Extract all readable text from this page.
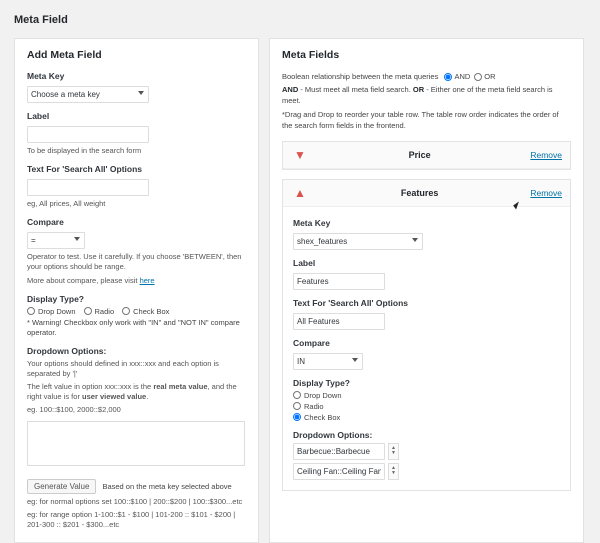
Meta Field
Add Meta Field
Meta Key
Choose a meta key
Label
To be displayed in the search form
Text For 'Search All' Options
eg, All prices, All weight
Compare
=
Operator to test. Use it carefully. If you choose 'BETWEEN', then your options should be range.
More about compare, please visit here
Display Type?
Drop Down	Radio	Check Box
* Warning! Checkbox only work with "IN" and "NOT IN" compare operator.
Dropdown Options:
Your options should defined in xxx::xxx and each option is separated by '|'
The left value in option xxx::xxx is the real meta value, and the right value is for user viewed value.
eg. 100::$100, 2000::$2,000
Generate Value	Based on the meta key selected above
eg: for normal options set 100::$100 | 200::$200 | 100::$300...etc
eg: for range option 1-100::$1 - $100 | 101-200 :: $101 - $200 | 201-300 :: $201 - $300...etc
Meta Fields
Boolean relationship between the meta queries AND OR
AND - Must meet all meta field search. OR - Either one of the meta field search is meet.
*Drag and Drop to reorder your table row. The table row order indicates the order of the search form fields in the frontend.
▼	Price	Remove
▲	Features	Remove
Meta Key
shex_features
Label
Features
Text For 'Search All' Options
All Features
Compare
IN
Display Type?
Drop Down
Radio
Check Box
Dropdown Options:
Barbecue::Barbecue
▲
▼
Ceiling Fan::Ceiling Fan
▲
▼
